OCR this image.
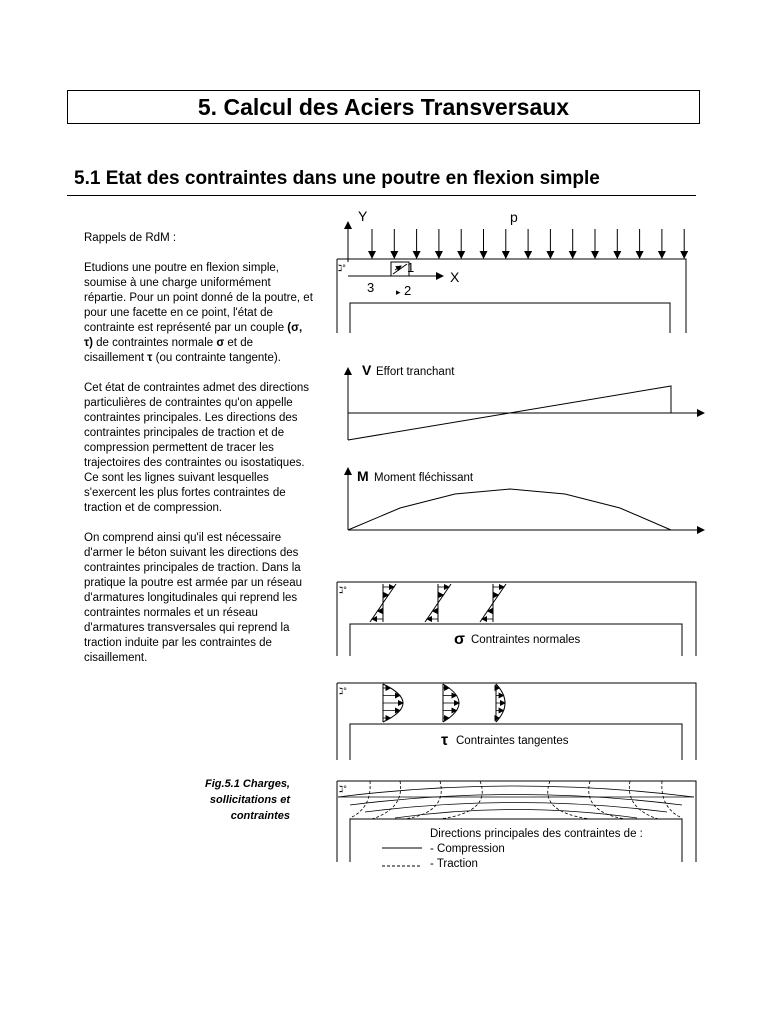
5. Calcul des Aciers Transversaux
5.1 Etat des contraintes dans une poutre en flexion simple

Rappels de RdM :

Etudions une poutre en flexion simple, soumise à une charge uniformément répartie. Pour un point donné de la poutre, et pour une facette en ce point, l'état de contrainte est représenté par un couple (σ, τ) de contraintes normale σ et de cisaillement τ (ou contrainte tangente).

Cet état de contraintes admet des directions particulières de contraintes qu'on appelle contraintes principales. Les directions des contraintes principales de traction et de compression permettent de tracer les trajectoires des contraintes ou isostatiques. Ce sont les lignes suivant lesquelles s'exercent les plus fortes contraintes de traction et de compression.

On comprend ainsi qu'il est nécessaire d'armer le béton suivant les directions des contraintes principales de traction. Dans la pratique la poutre est armée par un réseau d'armatures longitudinales qui reprend les contraintes normales et un réseau d'armatures transversales qui reprend la traction induite par les contraintes de cisaillement.

Fig.5.1 Charges, sollicitations et contraintes
Y	p
ℷ°
X
1
▸ 2
3
V Effort tranchant
M Moment fléchissant
ℷ°
σ Contraintes normales
ℷ°
τ Contraintes tangentes
ℷ°
Directions principales des contraintes de :
- Compression
- Traction
